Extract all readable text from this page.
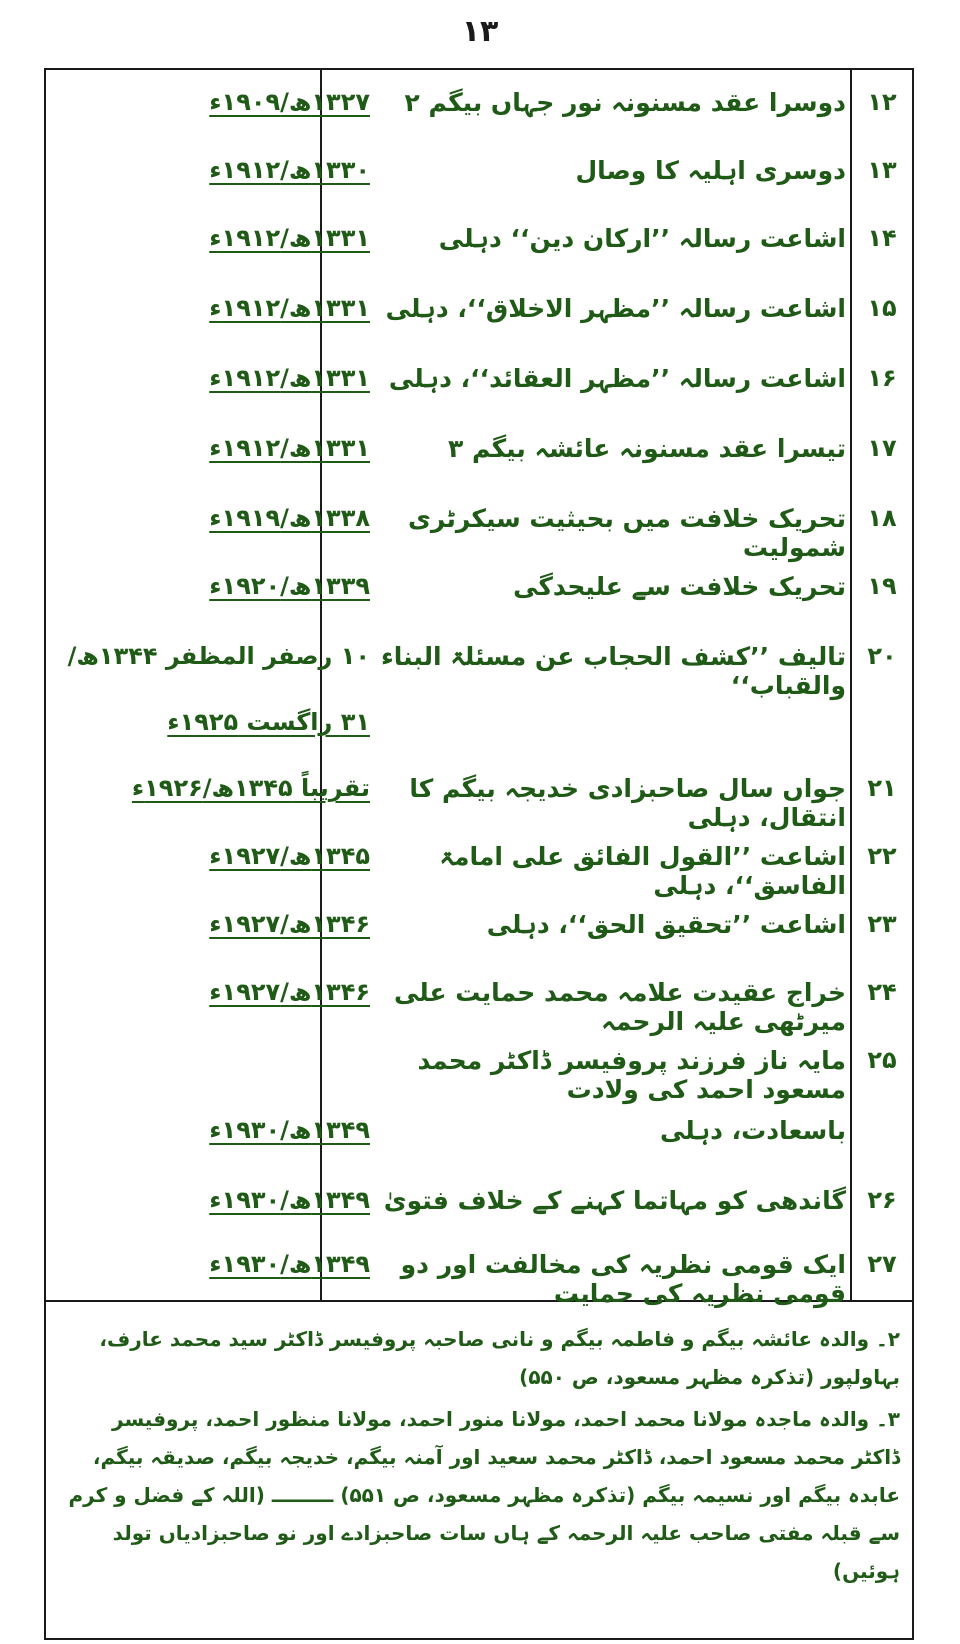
۱۳
۱۲
دوسرا عقد مسنونہ نور جہاں بیگم ۲
۱۳۲۷ھ/۱۹۰۹ء
۱۳
دوسری اہلیہ کا وصال
۱۳۳۰ھ/۱۹۱۲ء
۱۴
اشاعت رسالہ ’’ارکان دین‘‘ دہلی
۱۳۳۱ھ/۱۹۱۲ء
۱۵
اشاعت رسالہ ’’مظہر الاخلاق‘‘، دہلی
۱۳۳۱ھ/۱۹۱۲ء
۱۶
اشاعت رسالہ ’’مظہر العقائد‘‘، دہلی
۱۳۳۱ھ/۱۹۱۲ء
۱۷
تیسرا عقد مسنونہ عائشہ بیگم ۳
۱۳۳۱ھ/۱۹۱۲ء
۱۸
تحریک خلافت میں بحیثیت سیکرٹری شمولیت
۱۳۳۸ھ/۱۹۱۹ء
۱۹
تحریک خلافت سے علیحدگی
۱۳۳۹ھ/۱۹۲۰ء
۲۰
تالیف ’’کشف الحجاب عن مسئلۃ البناء والقباب‘‘
۱۰ رصفر المظفر ۱۳۴۴ھ/
۳۱ راگست ۱۹۲۵ء
۲۱
جواں سال صاحبزادی خدیجہ بیگم کا انتقال، دہلی
تقریباً ۱۳۴۵ھ/۱۹۲۶ء
۲۲
اشاعت ’’القول الفائق علی امامۃ الفاسق‘‘، دہلی
۱۳۴۵ھ/۱۹۲۷ء
۲۳
اشاعت ’’تحقیق الحق‘‘، دہلی
۱۳۴۶ھ/۱۹۲۷ء
۲۴
خراج عقیدت علامہ محمد حمایت علی میرٹھی علیہ الرحمہ
۱۳۴۶ھ/۱۹۲۷ء
۲۵
مایہ ناز فرزند پروفیسر ڈاکٹر محمد مسعود احمد کی ولادت
باسعادت، دہلی
۱۳۴۹ھ/۱۹۳۰ء
۲۶
گاندھی کو مہاتما کہنے کے خلاف فتویٰ
۱۳۴۹ھ/۱۹۳۰ء
۲۷
ایک قومی نظریہ کی مخالفت اور دو قومی نظریہ کی حمایت
۱۳۴۹ھ/۱۹۳۰ء

۲۔ والدہ عائشہ بیگم و فاطمہ بیگم و نانی صاحبہ پروفیسر ڈاکٹر سید محمد عارف، بہاولپور (تذکرہ مظہر مسعود، ص ۵۵۰)

۳۔ والدہ ماجدہ مولانا محمد احمد، مولانا منور احمد، مولانا منظور احمد، پروفیسر ڈاکٹر محمد مسعود احمد، ڈاکٹر محمد سعید اور آمنہ بیگم، خدیجہ بیگم، صدیقہ بیگم، عابدہ بیگم اور نسیمہ بیگم (تذکرہ مظہر مسعود، ص ۵۵۱) ـــــــــ (اللہ کے فضل و کرم سے قبلہ مفتی صاحب علیہ الرحمہ کے ہاں سات صاحبزادے اور نو صاحبزادیاں تولد ہوئیں)
